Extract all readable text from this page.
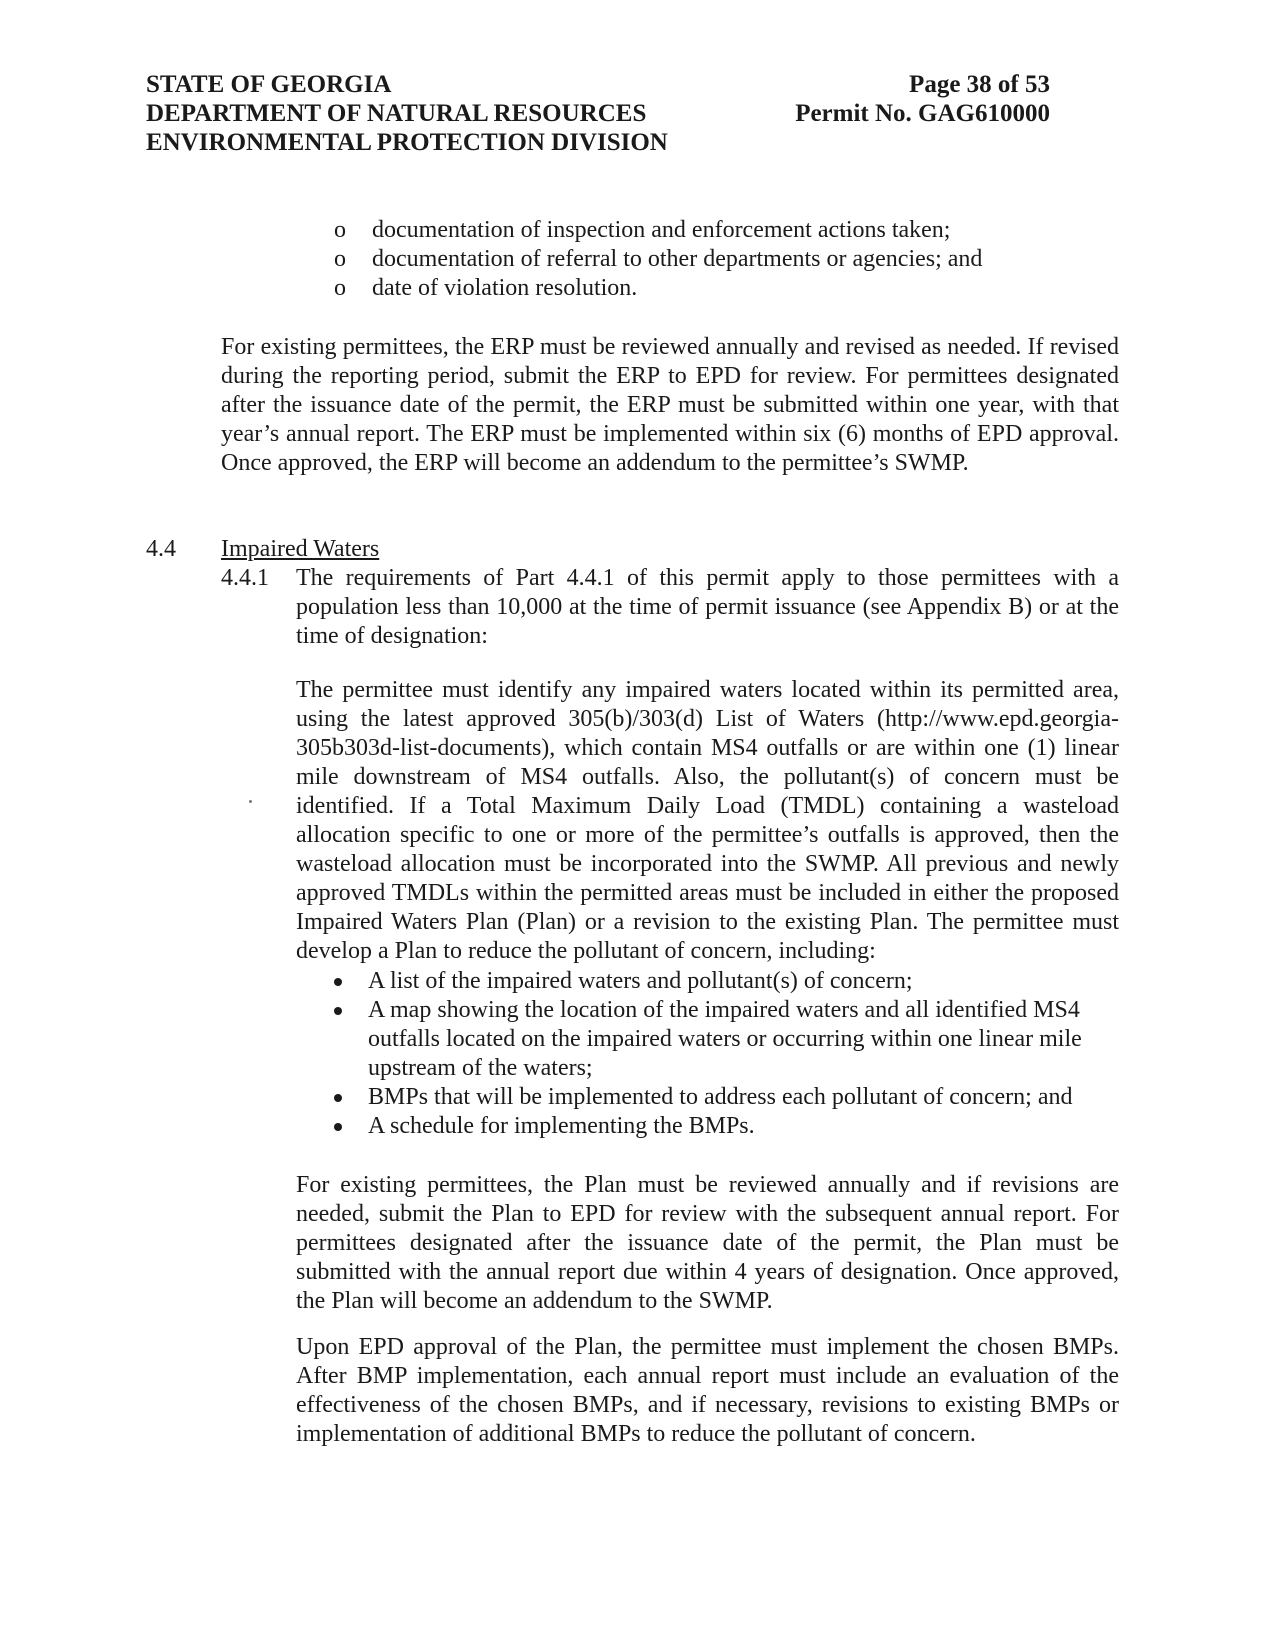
STATE OF GEORGIA
DEPARTMENT OF NATURAL RESOURCES
ENVIRONMENTAL PROTECTION DIVISION
Page 38 of 53
Permit No. GAG610000
o documentation of inspection and enforcement actions taken;
o documentation of referral to other departments or agencies; and
o date of violation resolution.

For existing permittees, the ERP must be reviewed annually and revised as needed. If revised during the reporting period, submit the ERP to EPD for review. For permittees designated after the issuance date of the permit, the ERP must be submitted within one year, with that year’s annual report. The ERP must be implemented within six (6) months of EPD approval. Once approved, the ERP will become an addendum to the permittee’s SWMP.

4.4 Impaired Waters
4.4.1 The requirements of Part 4.4.1 of this permit apply to those permittees with a population less than 10,000 at the time of permit issuance (see Appendix B) or at the time of designation:

The permittee must identify any impaired waters located within its permitted area, using the latest approved 305(b)/303(d) List of Waters (http://www.epd.georgia-305b303d-list-documents), which contain MS4 outfalls or are within one (1) linear mile downstream of MS4 outfalls. Also, the pollutant(s) of concern must be identified. If a Total Maximum Daily Load (TMDL) containing a wasteload allocation specific to one or more of the permittee’s outfalls is approved, then the wasteload allocation must be incorporated into the SWMP. All previous and newly approved TMDLs within the permitted areas must be included in either the proposed Impaired Waters Plan (Plan) or a revision to the existing Plan. The permittee must develop a Plan to reduce the pollutant of concern, including:

A list of the impaired waters and pollutant(s) of concern;
A map showing the location of the impaired waters and all identified MS4 outfalls located on the impaired waters or occurring within one linear mile upstream of the waters;
BMPs that will be implemented to address each pollutant of concern; and
A schedule for implementing the BMPs.

For existing permittees, the Plan must be reviewed annually and if revisions are needed, submit the Plan to EPD for review with the subsequent annual report. For permittees designated after the issuance date of the permit, the Plan must be submitted with the annual report due within 4 years of designation. Once approved, the Plan will become an addendum to the SWMP.

Upon EPD approval of the Plan, the permittee must implement the chosen BMPs. After BMP implementation, each annual report must include an evaluation of the effectiveness of the chosen BMPs, and if necessary, revisions to existing BMPs or implementation of additional BMPs to reduce the pollutant of concern.
